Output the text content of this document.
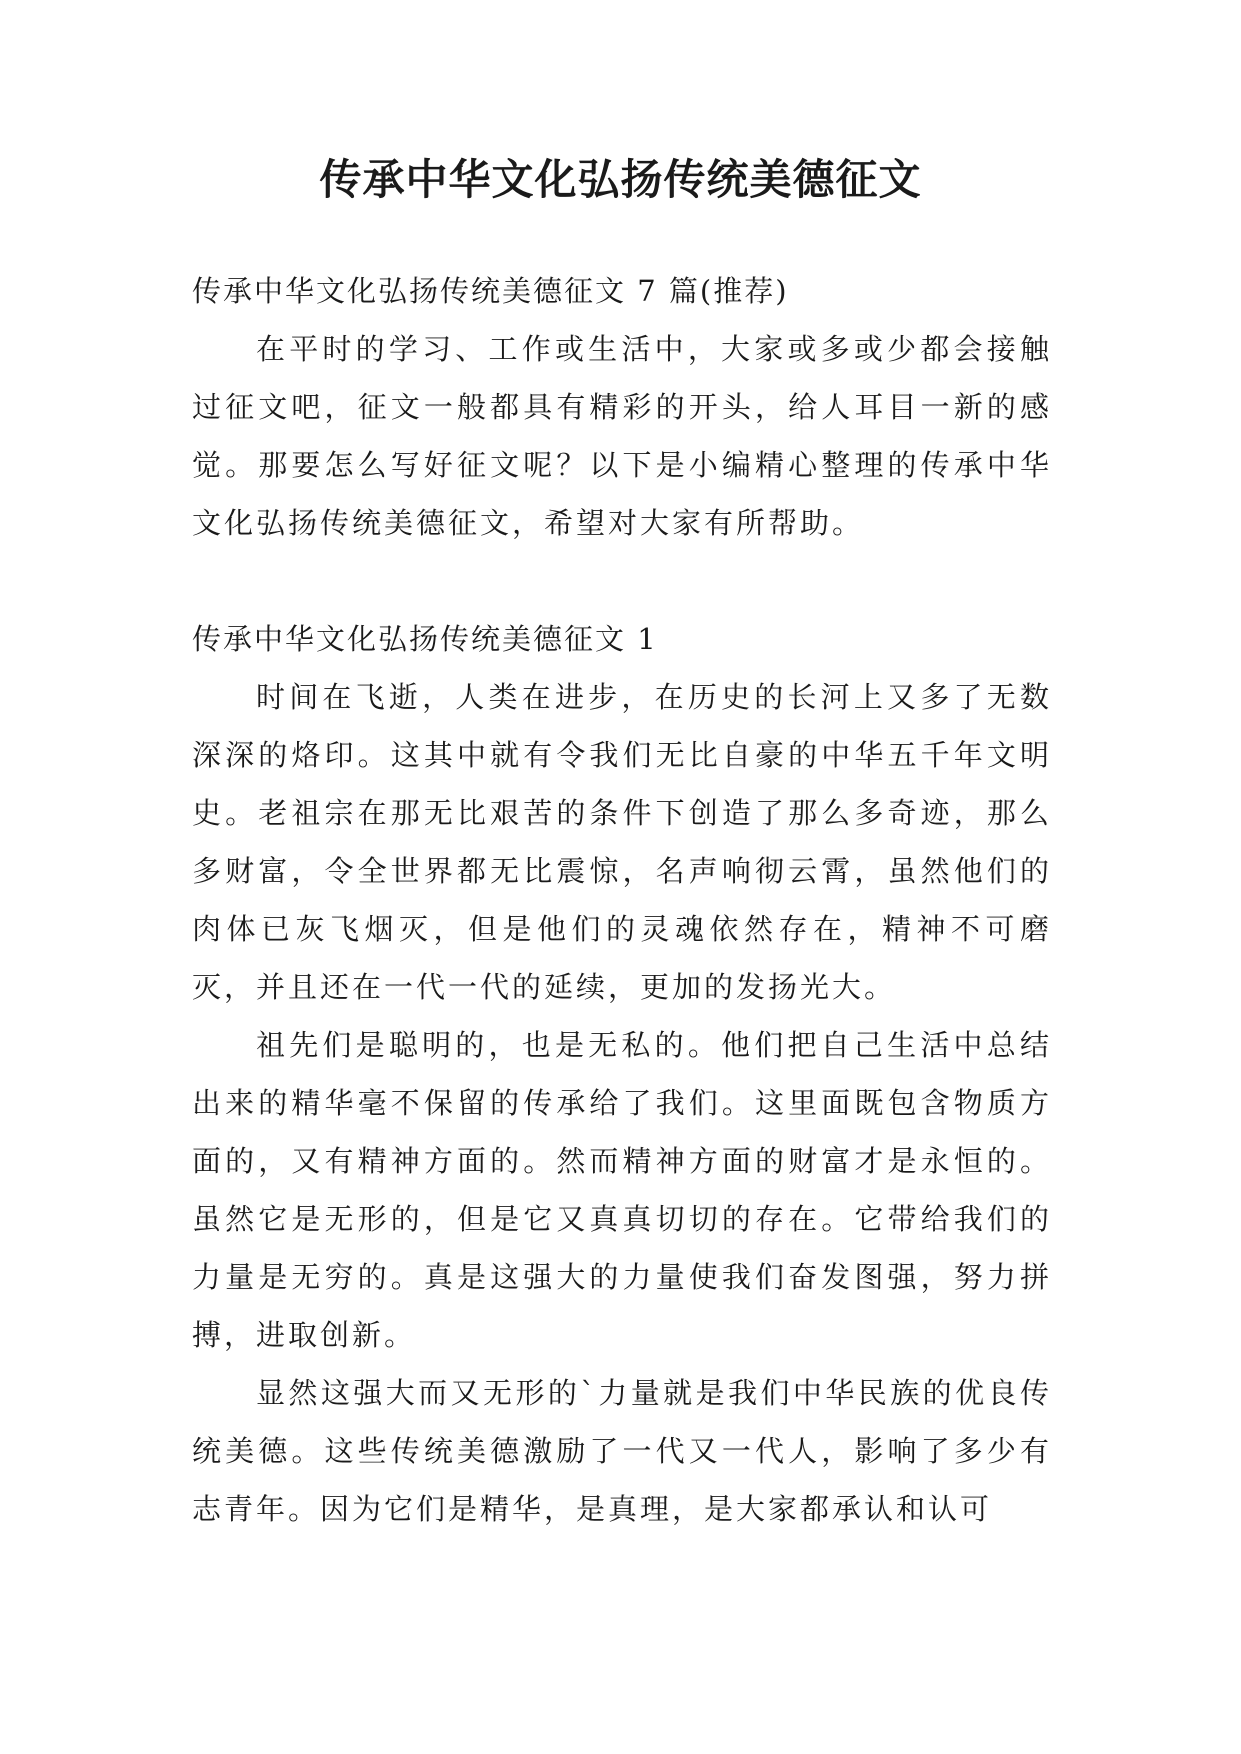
传承中华文化弘扬传统美德征文

传承中华文化弘扬传统美德征文 7 篇(推荐)

在平时的学习、工作或生活中，大家或多或少都会接触过征文吧，征文一般都具有精彩的开头，给人耳目一新的感觉。那要怎么写好征文呢？以下是小编精心整理的传承中华文化弘扬传统美德征文，希望对大家有所帮助。

传承中华文化弘扬传统美德征文 1

时间在飞逝，人类在进步，在历史的长河上又多了无数深深的烙印。这其中就有令我们无比自豪的中华五千年文明史。老祖宗在那无比艰苦的条件下创造了那么多奇迹，那么多财富，令全世界都无比震惊，名声响彻云霄，虽然他们的肉体已灰飞烟灭，但是他们的灵魂依然存在，精神不可磨灭，并且还在一代一代的延续，更加的发扬光大。

祖先们是聪明的，也是无私的。他们把自己生活中总结出来的精华毫不保留的传承给了我们。这里面既包含物质方面的，又有精神方面的。然而精神方面的财富才是永恒的。虽然它是无形的，但是它又真真切切的存在。它带给我们的力量是无穷的。真是这强大的力量使我们奋发图强，努力拼搏，进取创新。

显然这强大而又无形的`力量就是我们中华民族的优良传统美德。这些传统美德激励了一代又一代人，影响了多少有志青年。因为它们是精华，是真理，是大家都承认和认可
